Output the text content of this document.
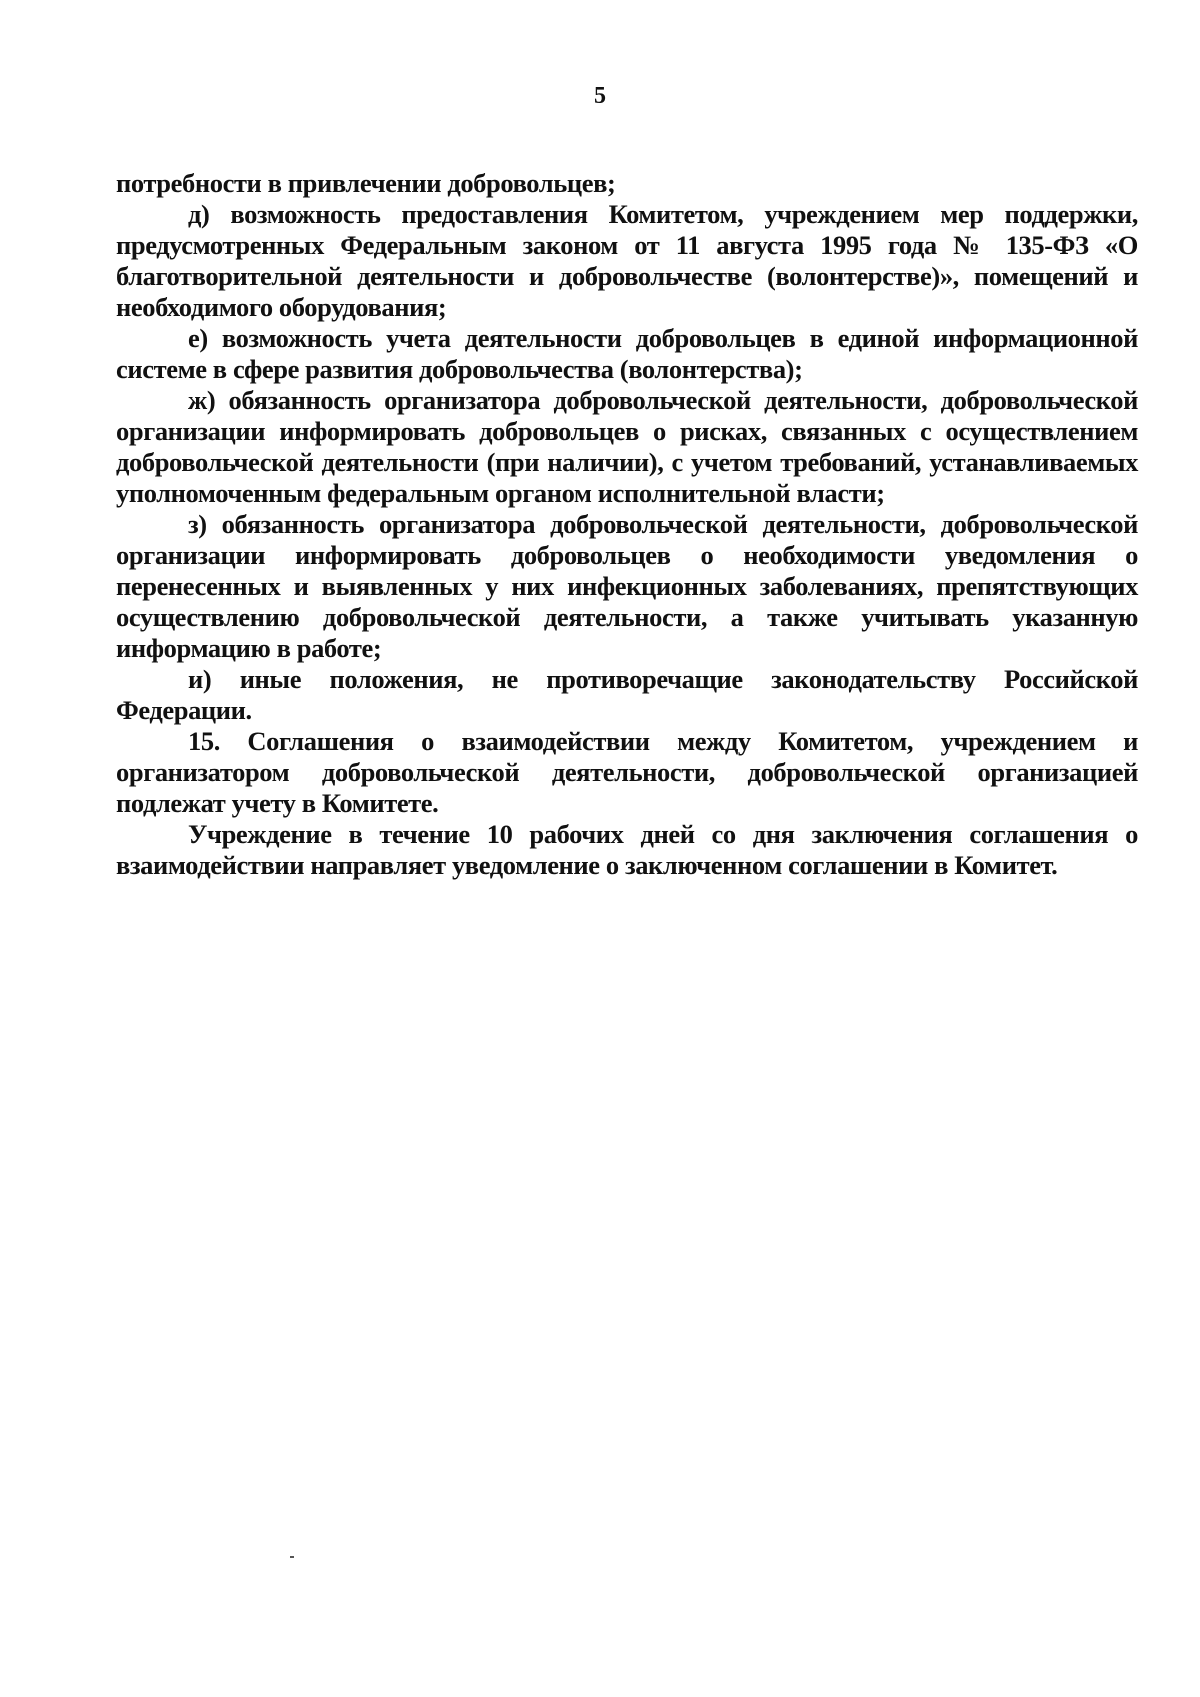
5

потребности в привлечении добровольцев;

д) возможность предоставления Комитетом, учреждением мер поддержки, предусмотренных Федеральным законом от 11 августа 1995 года № 135-ФЗ «О благотворительной деятельности и добровольчестве (волонтерстве)», помещений и необходимого оборудования;

е) возможность учета деятельности добровольцев в единой информационной системе в сфере развития добровольчества (волонтерства);

ж) обязанность организатора добровольческой деятельности, добровольческой организации информировать добровольцев о рисках, связанных с осуществлением добровольческой деятельности (при наличии), с учетом требований, устанавливаемых уполномоченным федеральным органом исполнительной власти;

з) обязанность организатора добровольческой деятельности, добровольческой организации информировать добровольцев о необходимости уведомления о перенесенных и выявленных у них инфекционных заболеваниях, препятствующих осуществлению добровольческой деятельности, а также учитывать указанную информацию в работе;

и) иные положения, не противоречащие законодательству Российской Федерации.

15. Соглашения о взаимодействии между Комитетом, учреждением и организатором добровольческой деятельности, добровольческой организацией подлежат учету в Комитете.

Учреждение в течение 10 рабочих дней со дня заключения соглашения о взаимодействии направляет уведомление о заключенном соглашении в Комитет.
